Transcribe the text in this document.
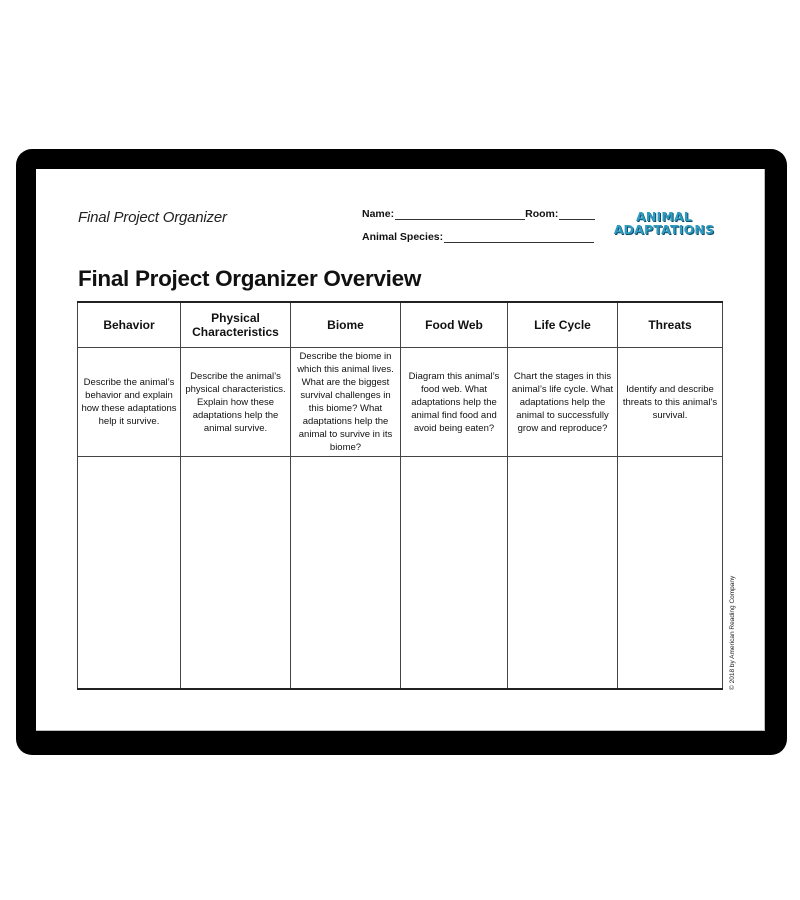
Final Project Organizer	Name:	Room:
Animal Species:
ANIMAL
ADAPTATIONS
Final Project Organizer Overview
Behavior	Physical Characteristics	Biome	Food Web	Life Cycle	Threats
Describe the animal’s behavior and explain how these adaptations help it survive.	Describe the animal’s physical characteristics. Explain how these adaptations help the animal survive.	Describe the biome in which this animal lives. What are the biggest survival challenges in this biome? What adaptations help the animal to survive in its biome?	Diagram this animal’s food web. What adaptations help the animal find food and avoid being eaten?	Chart the stages in this animal’s life cycle. What adaptations help the animal to successfully grow and reproduce?	Identify and describe threats to this animal’s survival.

© 2018 by American Reading Company
